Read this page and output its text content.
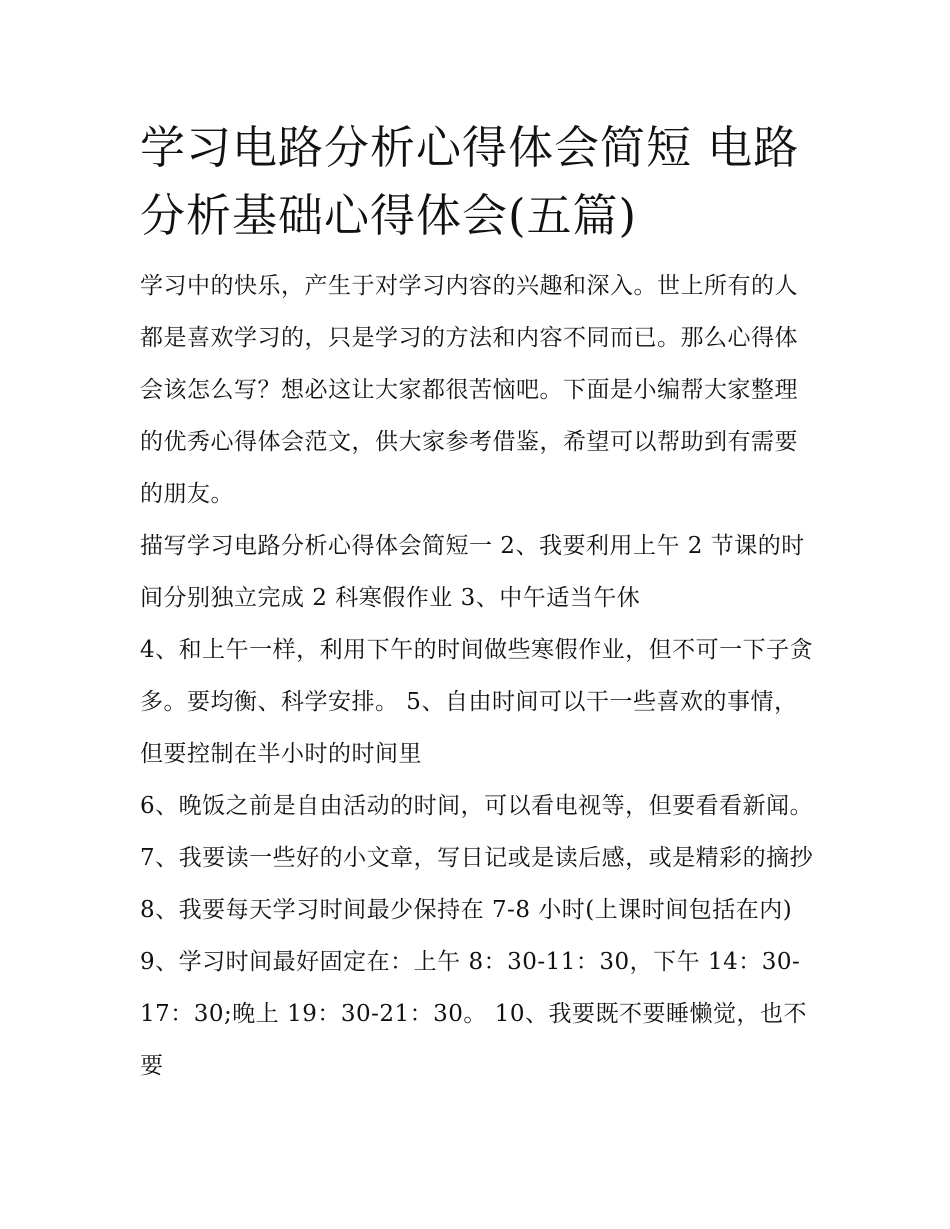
学习电路分析心得体会简短 电路分析基础心得体会(五篇)

学习中的快乐，产生于对学习内容的兴趣和深入。世上所有的人都是喜欢学习的，只是学习的方法和内容不同而已。那么心得体会该怎么写？想必这让大家都很苦恼吧。下面是小编帮大家整理的优秀心得体会范文，供大家参考借鉴，希望可以帮助到有需要的朋友。

描写学习电路分析心得体会简短一 2、我要利用上午 2 节课的时间分别独立完成 2 科寒假作业 3、中午适当午休

4、和上午一样，利用下午的时间做些寒假作业，但不可一下子贪多。要均衡、科学安排。 5、自由时间可以干一些喜欢的事情，但要控制在半小时的时间里

6、晚饭之前是自由活动的时间，可以看电视等，但要看看新闻。 7、我要读一些好的小文章，写日记或是读后感，或是精彩的摘抄

8、我要每天学习时间最少保持在 7-8 小时(上课时间包括在内)

9、学习时间最好固定在：上午 8：30-11：30，下午 14：30-17：30;晚上 19：30-21：30。 10、我要既不要睡懒觉，也不要
